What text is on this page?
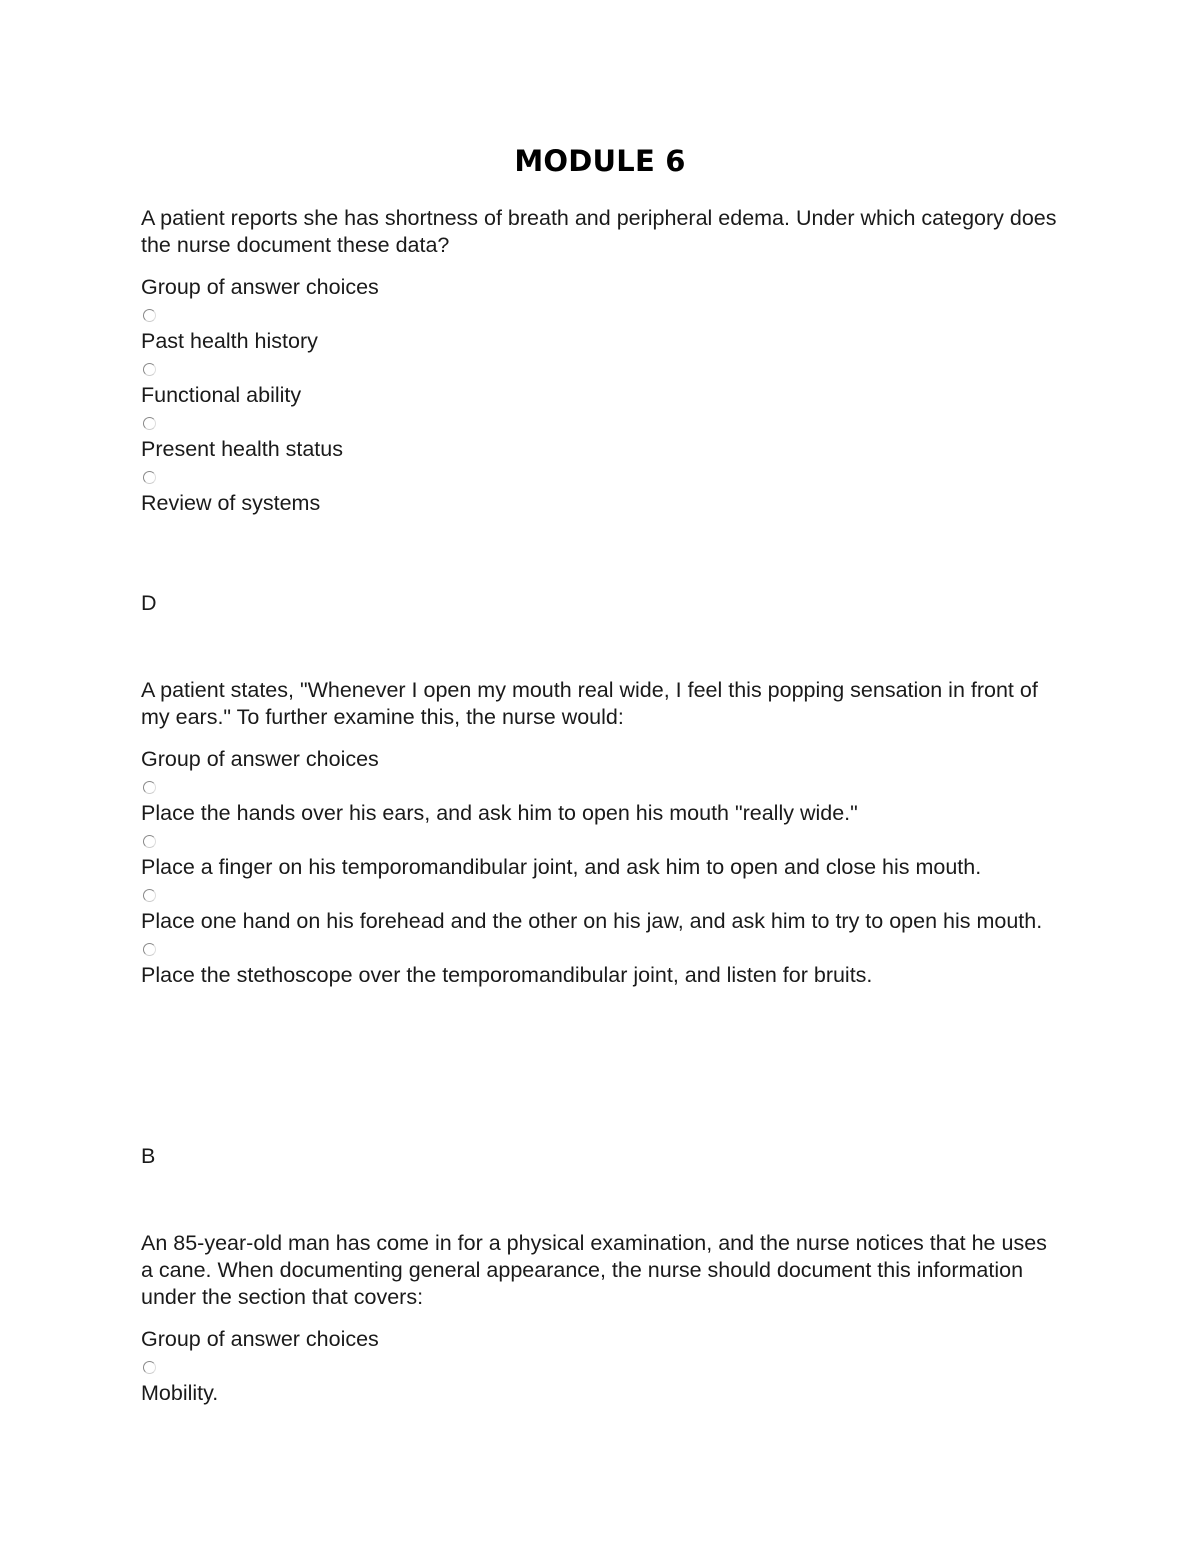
MODULE 6

A patient reports she has shortness of breath and peripheral edema. Under which category does the nurse document these data?

Group of answer choices

Past health history
Functional ability
Present health status
Review of systems

D

A patient states, "Whenever I open my mouth real wide, I feel this popping sensation in front of my ears." To further examine this, the nurse would:

Group of answer choices

Place the hands over his ears, and ask him to open his mouth "really wide."
Place a finger on his temporomandibular joint, and ask him to open and close his mouth.
Place one hand on his forehead and the other on his jaw, and ask him to try to open his mouth.
Place the stethoscope over the temporomandibular joint, and listen for bruits.

B

An 85-year-old man has come in for a physical examination, and the nurse notices that he uses a cane. When documenting general appearance, the nurse should document this information under the section that covers:

Group of answer choices

Mobility.
